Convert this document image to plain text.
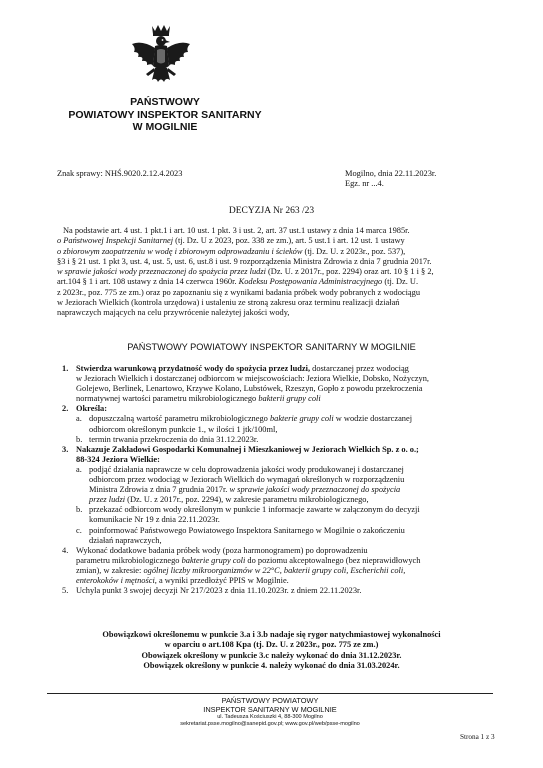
PAŃSTWOWY
POWIATOWY INSPEKTOR SANITARNY
W MOGILNIE
Znak sprawy: NHŚ.9020.2.12.4.2023	Mogilno, dnia 22.11.2023r.
Egz. nr ...4.
DECYZJA Nr 263 /23
Na podstawie art. 4 ust. 1 pkt.1 i art. 10 ust. 1 pkt. 3 i ust. 2, art. 37 ust.1 ustawy z dnia 14 marca 1985r.
o Państwowej Inspekcji Sanitarnej (tj. Dz. U z 2023, poz. 338 ze zm.), art. 5 ust.1 i art. 12 ust. 1 ustawy
o zbiorowym zaopatrzeniu w wodę i zbiorowym odprowadzaniu i ścieków (tj. Dz. U. z 2023r., poz. 537),
§3 i § 21 ust. 1 pkt 3, ust. 4, ust. 5, ust. 6, ust.8 i ust. 9 rozporządzenia Ministra Zdrowia z dnia 7 grudnia 2017r.
w sprawie jakości wody przeznaczonej do spożycia przez ludzi (Dz. U. z 2017r., poz. 2294) oraz art. 10 § 1 i § 2,
art.104 § 1 i art. 108 ustawy z dnia 14 czerwca 1960r. Kodeksu Postępowania Administracyjnego (tj. Dz. U.
z 2023r., poz. 775 ze zm.) oraz po zapoznaniu się z wynikami badania próbek wody pobranych z wodociągu
w Jeziorach Wielkich (kontrola urzędowa) i ustaleniu ze stroną zakresu oraz terminu realizacji działań
naprawczych mających na celu przywrócenie należytej jakości wody,
PAŃSTWOWY POWIATOWY INSPEKTOR SANITARNY W MOGILNIE
1. Stwierdza warunkową przydatność wody do spożycia przez ludzi, dostarczanej przez wodociąg
w Jeziorach Wielkich i dostarczanej odbiorcom w miejscowościach: Jeziora Wielkie, Dobsko, Nożyczyn,
Golejewo, Berlinek, Lenartowo, Krzywe Kolano, Lubstówek, Rzeszyn, Gopło z powodu przekroczenia
normatywnej wartości parametru mikrobiologicznego bakterii grupy coli
2. Określa:
a. dopuszczalną wartość parametru mikrobiologicznego bakterie grupy coli w wodzie dostarczanej
odbiorcom określonym punkcie 1., w ilości 1 jtk/100ml,
b. termin trwania przekroczenia do dnia 31.12.2023r.
3. Nakazuje Zakładowi Gospodarki Komunalnej i Mieszkaniowej w Jeziorach Wielkich Sp. z o. o.;
88-324 Jeziora Wielkie:
a. podjąć działania naprawcze w celu doprowadzenia jakości wody produkowanej i dostarczanej
odbiorcom przez wodociąg w Jeziorach Wielkich do wymagań określonych w rozporządzeniu
Ministra Zdrowia z dnia 7 grudnia 2017r. w sprawie jakości wody przeznaczonej do spożycia
przez ludzi (Dz. U. z 2017r., poz. 2294), w zakresie parametru mikrobiologicznego,
b. przekazać odbiorcom wody określonym w punkcie 1 informacje zawarte w załączonym do decyzji
komunikacie Nr 19 z dnia 22.11.2023r.
c. poinformować Państwowego Powiatowego Inspektora Sanitarnego w Mogilnie o zakończeniu
działań naprawczych,
4. Wykonać dodatkowe badania próbek wody (poza harmonogramem) po doprowadzeniu
parametru mikrobiologicznego bakterie grupy coli do poziomu akceptowalnego (bez nieprawidłowych
zmian), w zakresie: ogólnej liczby mikroorganizmów w 22°C, bakterii grupy coli, Escherichii coli,
enterokoków i mętności, a wyniki przedłożyć PPIS w Mogilnie.
5. Uchyla punkt 3 swojej decyzji Nr 217/2023 z dnia 11.10.2023r. z dniem 22.11.2023r.
Obowiązkowi określonemu w punkcie 3.a i 3.b nadaje się rygor natychmiastowej wykonalności
w oparciu o art.108 Kpa (tj. Dz. U. z 2023r., poz. 775 ze zm.)
Obowiązek określony w punkcie 3.c należy wykonać do dnia 31.12.2023r.
Obowiązek określony w punkcie 4. należy wykonać do dnia 31.03.2024r.
PAŃSTWOWY POWIATOWY
INSPEKTOR SANITARNY W MOGILNIE
ul. Tadeusza Kościuszki 4, 88-300 Mogilno
sekretariat.psse.mogilno@sanepid.gov.pl; www.gov.pl/web/psse-mogilno
Strona 1 z 3
